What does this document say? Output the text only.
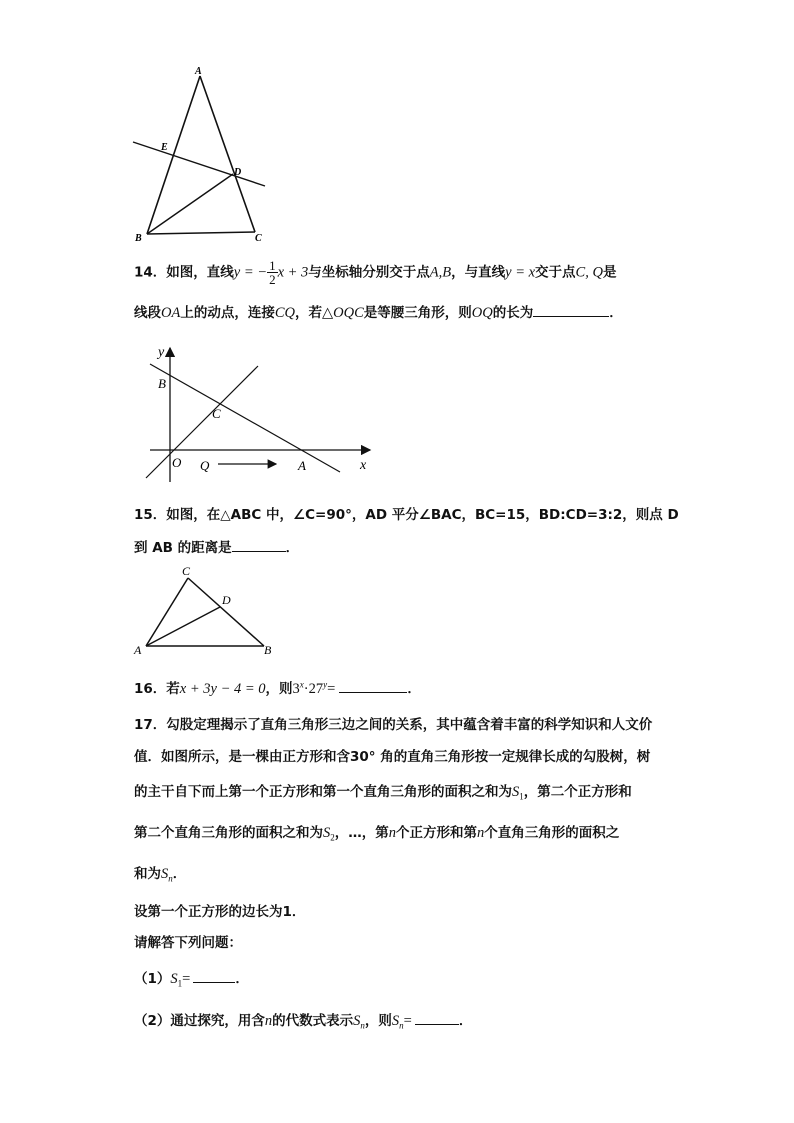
A
E
D
B	C
14．如图，直线y = − $\frac{1}{2}$ x + 3与坐标轴分别交于点A,B，与直线y = x交于点C, Q是
线段OA上的动点，连接CQ，若△OQC是等腰三角形，则OQ的长为	．
y
x
B
C
O Q	A
15．如图，在△ABC 中，∠C=90°，AD 平分∠BAC，BC=15，BD:CD=3:2，则点 D
到 AB 的距离是	．
C
D
A	B
16．若x + 3y − 4 = 0，则$3^x\cdot 27^y=$	．
17．勾股定理揭示了直角三角形三边之间的关系，其中蕴含着丰富的科学知识和人文价
值．如图所示，是一棵由正方形和含30° 角的直角三角形按一定规律长成的勾股树，树
的主干自下而上第一个正方形和第一个直角三角形的面积之和为$S_1$，第二个正方形和
第二个直角三角形的面积之和为$S_2$，…，第n个正方形和第n个直角三角形的面积之
和为$S_n$．
设第一个正方形的边长为1．
请解答下列问题：
$(1)S_1=$	．
（2）通过探究，用含n的代数式表示$S_n$，则$S_n=$	．
